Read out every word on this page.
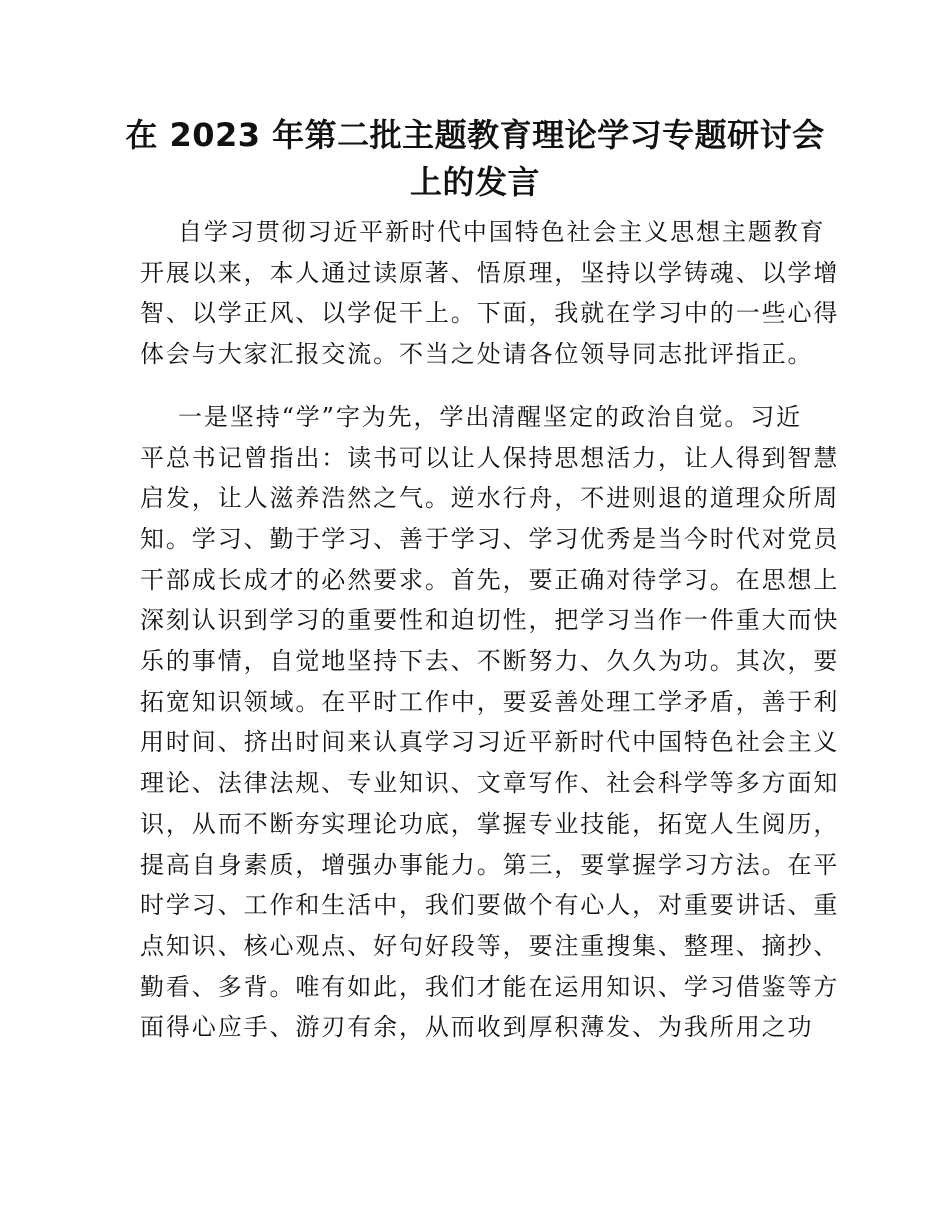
在 2023 年第二批主题教育理论学习专题研讨会
上的发言

自学习贯彻习近平新时代中国特色社会主义思想主题教育
开展以来，本人通过读原著、悟原理，坚持以学铸魂、以学增
智、以学正风、以学促干上。下面，我就在学习中的一些心得
体会与大家汇报交流。不当之处请各位领导同志批评指正。

一是坚持“学”字为先，学出清醒坚定的政治自觉。习近
平总书记曾指出：读书可以让人保持思想活力，让人得到智慧
启发，让人滋养浩然之气。逆水行舟，不进则退的道理众所周
知。学习、勤于学习、善于学习、学习优秀是当今时代对党员
干部成长成才的必然要求。首先，要正确对待学习。在思想上
深刻认识到学习的重要性和迫切性，把学习当作一件重大而快
乐的事情，自觉地坚持下去、不断努力、久久为功。其次，要
拓宽知识领域。在平时工作中，要妥善处理工学矛盾，善于利
用时间、挤出时间来认真学习习近平新时代中国特色社会主义
理论、法律法规、专业知识、文章写作、社会科学等多方面知
识，从而不断夯实理论功底，掌握专业技能，拓宽人生阅历，
提高自身素质，增强办事能力。第三，要掌握学习方法。在平
时学习、工作和生活中，我们要做个有心人，对重要讲话、重
点知识、核心观点、好句好段等，要注重搜集、整理、摘抄、
勤看、多背。唯有如此，我们才能在运用知识、学习借鉴等方
面得心应手、游刃有余，从而收到厚积薄发、为我所用之功
